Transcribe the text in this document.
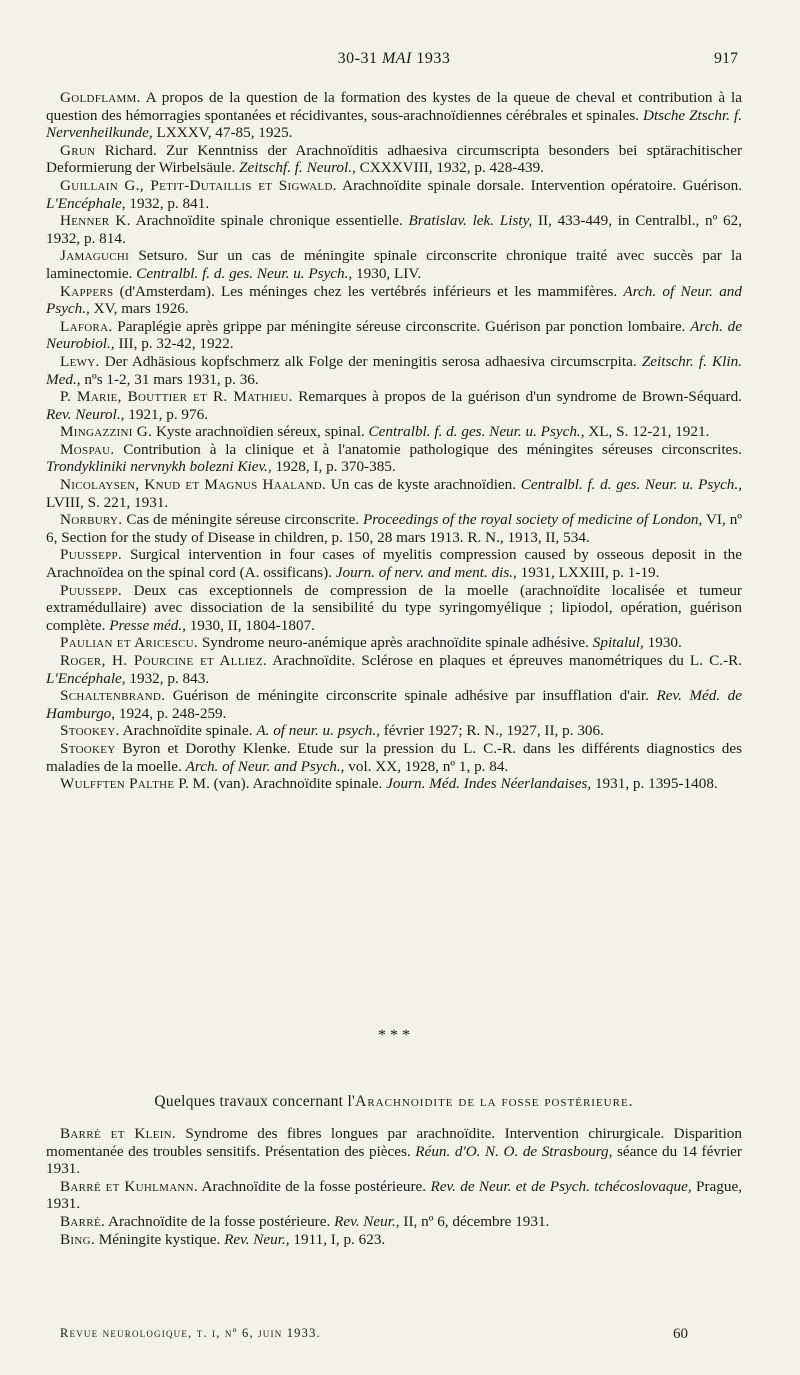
30-31 MAI 1933	917

Goldflamm. A propos de la question de la formation des kystes de la queue de cheval et contribution à la question des hémorragies spontanées et récidivantes, sous-arachnoïdiennes cérébrales et spinales. Dtsche Ztschr. f. Nervenheilkunde, LXXXV, 47-85, 1925.

Grun Richard. Zur Kenntniss der Arachnoïditis adhaesiva circumscripta besonders bei sptärachitischer Deformierung der Wirbelsäule. Zeitschf. f. Neurol., CXXXVIII, 1932, p. 428-439.

Guillain G., Petit-Dutaillis et Sigwald. Arachnoïdite spinale dorsale. Intervention opératoire. Guérison. L'Encéphale, 1932, p. 841.

Henner K. Arachnoïdite spinale chronique essentielle. Bratislav. lek. Listy, II, 433-449, in Centralbl., nº 62, 1932, p. 814.

Jamaguchi Setsuro. Sur un cas de méningite spinale circonscrite chronique traité avec succès par la laminectomie. Centralbl. f. d. ges. Neur. u. Psych., 1930, LIV.

Kappers (d'Amsterdam). Les méninges chez les vertébrés inférieurs et les mammifères. Arch. of Neur. and Psych., XV, mars 1926.

Lafora. Paraplégie après grippe par méningite séreuse circonscrite. Guérison par ponction lombaire. Arch. de Neurobiol., III, p. 32-42, 1922.

Lewy. Der Adhäsious kopfschmerz alk Folge der meningitis serosa adhaesiva circumscrpita. Zeitschr. f. Klin. Med., nºs 1-2, 31 mars 1931, p. 36.

P. Marie, Bouttier et R. Mathieu. Remarques à propos de la guérison d'un syndrome de Brown-Séquard. Rev. Neurol., 1921, p. 976.

Mingazzini G. Kyste arachnoïdien séreux, spinal. Centralbl. f. d. ges. Neur. u. Psych., XL, S. 12-21, 1921.

Mospau. Contribution à la clinique et à l'anatomie pathologique des méningites séreuses circonscrites. Trondykliniki nervnykh bolezni Kiev., 1928, I, p. 370-385.

Nicolaysen, Knud et Magnus Haaland. Un cas de kyste arachnoïdien. Centralbl. f. d. ges. Neur. u. Psych., LVIII, S. 221, 1931.

Norbury. Cas de méningite séreuse circonscrite. Proceedings of the royal society of medicine of London, VI, nº 6, Section for the study of Disease in children, p. 150, 28 mars 1913. R. N., 1913, II, 534.

Puussepp. Surgical intervention in four cases of myelitis compression caused by osseous deposit in the Arachnoïdea on the spinal cord (A. ossificans). Journ. of nerv. and ment. dis., 1931, LXXIII, p. 1-19.

Puussepp. Deux cas exceptionnels de compression de la moelle (arachnoïdite localisée et tumeur extramédullaire) avec dissociation de la sensibilité du type syringomyélique ; lipiodol, opération, guérison complète. Presse méd., 1930, II, 1804-1807.

Paulian et Aricescu. Syndrome neuro-anémique après arachnoïdite spinale adhésive. Spitalul, 1930.

Roger, H. Pourcine et Alliez. Arachnoïdite. Sclérose en plaques et épreuves manométriques du L. C.-R. L'Encéphale, 1932, p. 843.

Schaltenbrand. Guérison de méningite circonscrite spinale adhésive par insufflation d'air. Rev. Méd. de Hamburgo, 1924, p. 248-259.

Stookey. Arachnoïdite spinale. A. of neur. u. psych., février 1927; R. N., 1927, II, p. 306.

Stookey Byron et Dorothy Klenke. Etude sur la pression du L. C.-R. dans les différents diagnostics des maladies de la moelle. Arch. of Neur. and Psych., vol. XX, 1928, nº 1, p. 84.

Wulfften Palthe P. M. (van). Arachnoïdite spinale. Journ. Méd. Indes Néerlandaises, 1931, p. 1395-1408.

* * *
Quelques travaux concernant l'Arachnoidite de la fosse postérieure.

Barré et Klein. Syndrome des fibres longues par arachnoïdite. Intervention chirurgicale. Disparition momentanée des troubles sensitifs. Présentation des pièces. Réun. d'O. N. O. de Strasbourg, séance du 14 février 1931.

Barré et Kuhlmann. Arachnoïdite de la fosse postérieure. Rev. de Neur. et de Psych. tchécoslovaque, Prague, 1931.

Barré. Arachnoïdite de la fosse postérieure. Rev. Neur., II, nº 6, décembre 1931.

Bing. Méningite kystique. Rev. Neur., 1911, I, p. 623.

Revue neurologique, t. i, nº 6, juin 1933.	60
